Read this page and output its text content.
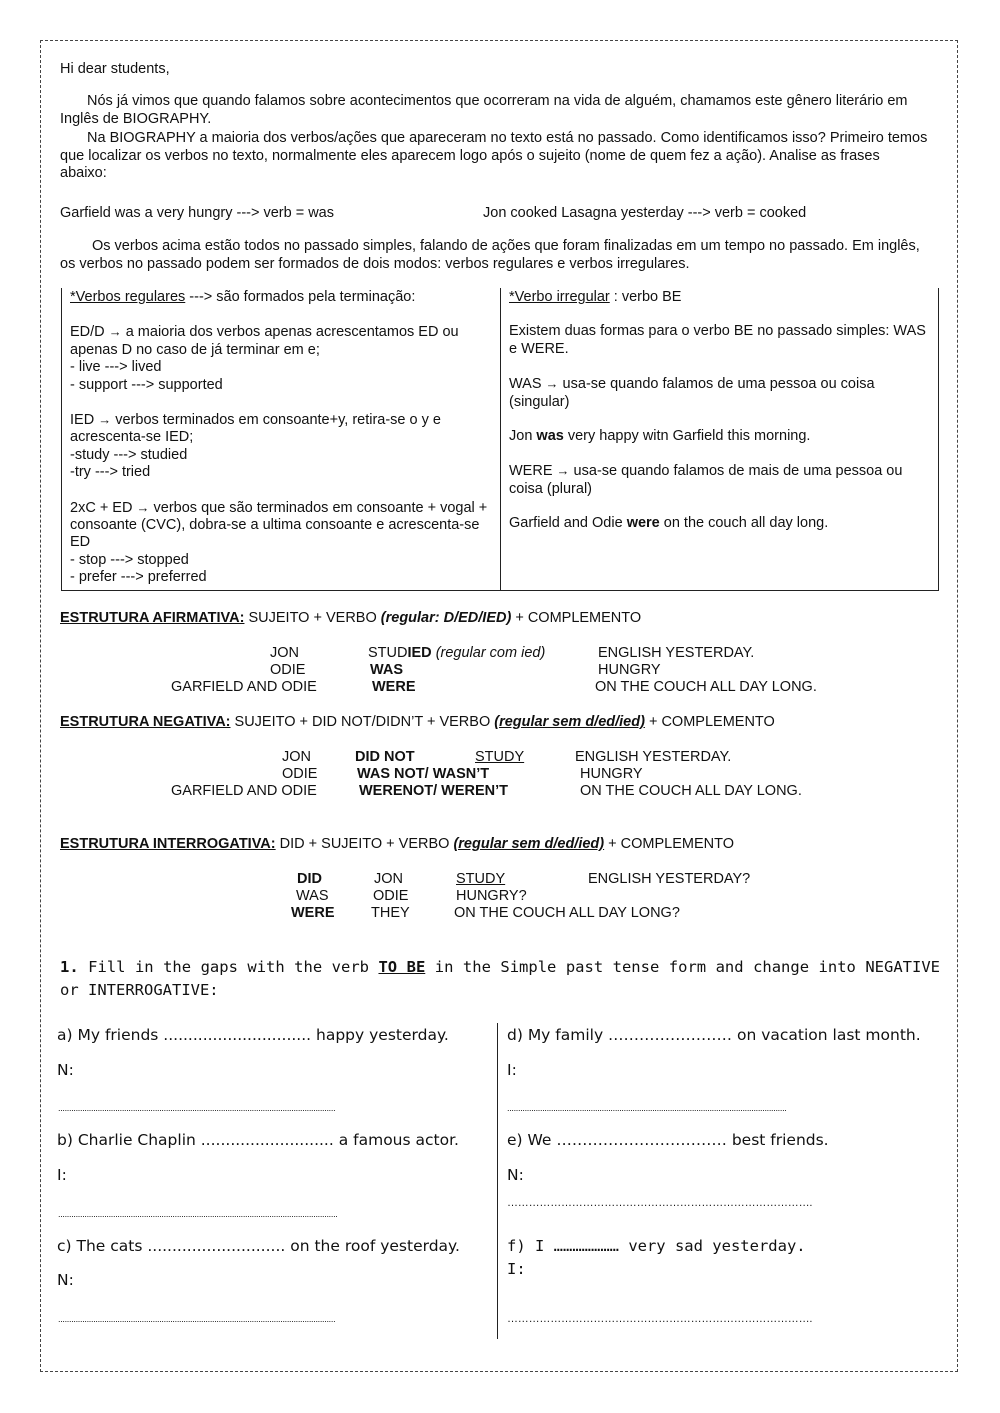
Hi dear students,
Nós já vimos que quando falamos sobre acontecimentos que ocorreram na vida de alguém, chamamos este gênero literário em Inglês de BIOGRAPHY.
Na BIOGRAPHY a maioria dos verbos/ações que apareceram no texto está no passado. Como identificamos isso? Primeiro temos que localizar os verbos no texto, normalmente eles aparecem logo após o sujeito (nome de quem fez a ação). Analise as frases abaixo:
Garfield was a very hungry ---> verb = was	Jon cooked Lasagna yesterday ---> verb = cooked
Os verbos acima estão todos no passado simples, falando de ações que foram finalizadas em um tempo no passado. Em inglês, os verbos no passado podem ser formados de dois modos: verbos regulares e verbos irregulares.
*Verbos regulares ---> são formados pela terminação:
ED/D → a maioria dos verbos apenas acrescentamos ED ou apenas D no caso de já terminar em e;
- live ---> lived
- support ---> supported
IED → verbos terminados em consoante+y, retira-se o y e acrescenta-se IED;
-study ---> studied
-try ---> tried
2xC + ED → verbos que são terminados em consoante + vogal + consoante (CVC), dobra-se a ultima consoante e acrescenta-se ED
- stop ---> stopped
- prefer ---> preferred
*Verbo irregular : verbo BE
Existem duas formas para o verbo BE no passado simples: WAS e WERE.
WAS → usa-se quando falamos de uma pessoa ou coisa (singular)
Jon was very happy witn Garfield this morning.
WERE → usa-se quando falamos de mais de uma pessoa ou coisa (plural)
Garfield and Odie were on the couch all day long.
ESTRUTURA AFIRMATIVA: SUJEITO + VERBO (regular: D/ED/IED) + COMPLEMENTO
JON	STUDIED (regular com ied)	ENGLISH YESTERDAY.
ODIE	WAS	HUNGRY
GARFIELD AND ODIE	WERE	ON THE COUCH ALL DAY LONG.
ESTRUTURA NEGATIVA: SUJEITO + DID NOT/DIDN’T + VERBO (regular sem d/ed/ied) + COMPLEMENTO
JON	DID NOT	STUDY	ENGLISH YESTERDAY.
ODIE	WAS NOT/ WASN’T	HUNGRY
GARFIELD AND ODIE	WERENOT/ WEREN’T	ON THE COUCH ALL DAY LONG.
ESTRUTURA INTERROGATIVA: DID + SUJEITO + VERBO (regular sem d/ed/ied) + COMPLEMENTO
DID	JON	STUDY	ENGLISH YESTERDAY?
WAS	ODIE	HUNGRY?
WERE	THEY	ON THE COUCH ALL DAY LONG?
1. Fill in the gaps with the verb TO BE in the Simple past tense form and change into NEGATIVE or INTERROGATIVE:
a) My friends .............................. happy yesterday.
N:
..............................................................................................................................
b) Charlie Chaplin ........................... a famous actor.
I:
...............................................................................................................................
c) The cats ............................ on the roof yesterday.
N:
..............................................................................................................................
d) My family …………………… on vacation last month.
I:
...............................................................................................................................
e) We …………………………… best friends.
N:
………………………………………………………………………….
f) I ………………… very sad yesterday.
I:
………………………………………………………………………….
